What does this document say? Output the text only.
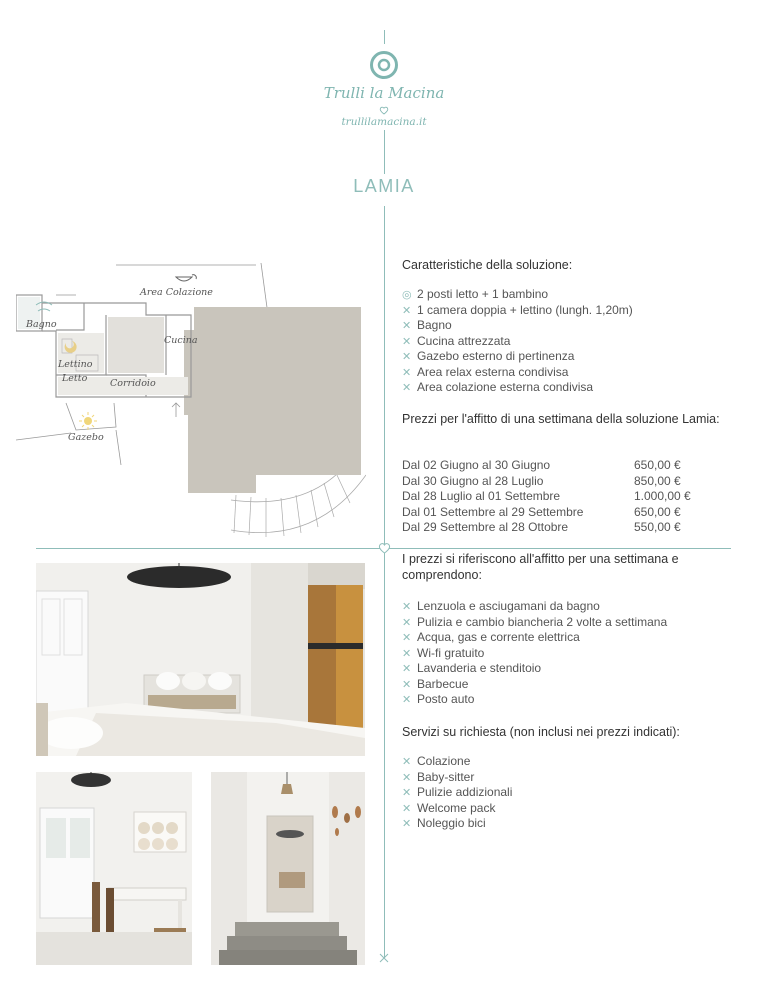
Trulli la Macina
trullilamacina.it
LAMIA
Area Colazione
Bagno
Cucina
Lettino
Letto Corridoio
Gazebo
Caratteristiche della soluzione:
◎ 2 posti letto + 1 bambino
✕ 1 camera doppia + lettino (lungh. 1,20m)
✕ Bagno
✕ Cucina attrezzata
✕ Gazebo esterno di pertinenza
✕ Area relax esterna condivisa
✕ Area colazione esterna condivisa
Prezzi per l'affitto di una settimana della soluzione Lamia:
Dal 02 Giugno al 30 Giugno	650,00 €
Dal 30 Giugno al 28 Luglio	850,00 €
Dal 28 Luglio al 01 Settembre	1.000,00 €
Dal 01 Settembre al 29 Settembre	650,00 €
Dal 29 Settembre al 28 Ottobre	550,00 €
I prezzi si riferiscono all'affitto per una settimana e comprendono:
✕ Lenzuola e asciugamani da bagno
✕ Pulizia e cambio biancheria 2 volte a settimana
✕ Acqua, gas e corrente elettrica
✕ Wi-fi gratuito
✕ Lavanderia e stenditoio
✕ Barbecue
✕ Posto auto
Servizi su richiesta (non inclusi nei prezzi indicati):
✕ Colazione
✕ Baby-sitter
✕ Pulizie addizionali
✕ Welcome pack
✕ Noleggio bici
